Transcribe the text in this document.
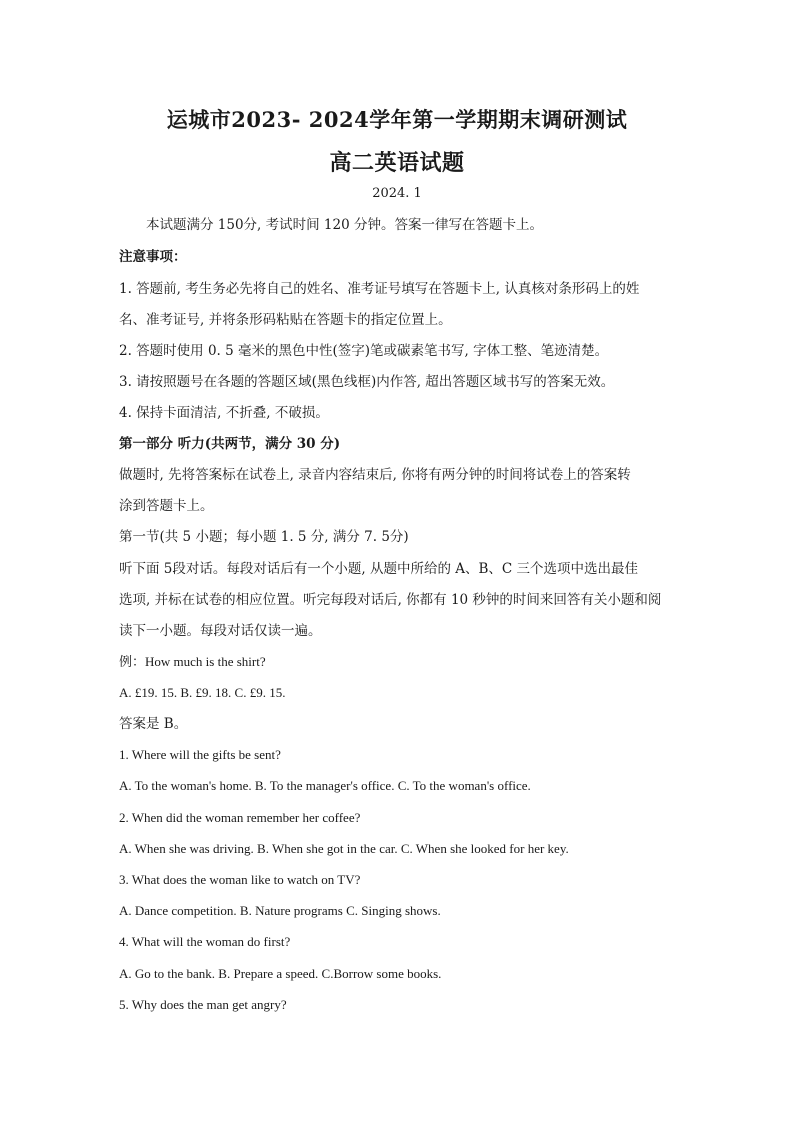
运城市2023- 2024学年第一学期期末调研测试
高二英语试题
2024. 1
本试题满分 150分, 考试时间 120 分钟。答案一律写在答题卡上。
注意事项：
1. 答题前, 考生务必先将自己的姓名、准考证号填写在答题卡上, 认真核对条形码上的姓
名、准考证号, 并将条形码粘贴在答题卡的指定位置上。
2. 答题时使用 0. 5 毫米的黑色中性(签字)笔或碳素笔书写, 字体工整、笔迹清楚。
3. 请按照题号在各题的答题区域(黑色线框)内作答, 超出答题区域书写的答案无效。
4. 保持卡面清洁, 不折叠, 不破损。
第一部分 听力(共两节，满分 30 分)
做题时, 先将答案标在试卷上, 录音内容结束后, 你将有两分钟的时间将试卷上的答案转
涂到答题卡上。
第一节(共 5 小题；每小题 1. 5 分, 满分 7. 5分)
听下面 5段对话。每段对话后有一个小题, 从题中所给的 A、B、C 三个选项中选出最佳
选项, 并标在试卷的相应位置。听完每段对话后, 你都有 10 秒钟的时间来回答有关小题和阅
读下一小题。每段对话仅读一遍。
例：How much is the shirt?
A. £19. 15. B. £9. 18. C. £9. 15.
答案是 B。
1. Where will the gifts be sent?
A. To the woman's home. B. To the manager's office. C. To the woman's office.
2. When did the woman remember her coffee?
A. When she was driving. B. When she got in the car. C. When she looked for her key.
3. What does the woman like to watch on TV?
A. Dance competition. B. Nature programs C. Singing shows.
4. What will the woman do first?
A. Go to the bank. B. Prepare a speed. C.Borrow some books.
5. Why does the man get angry?
